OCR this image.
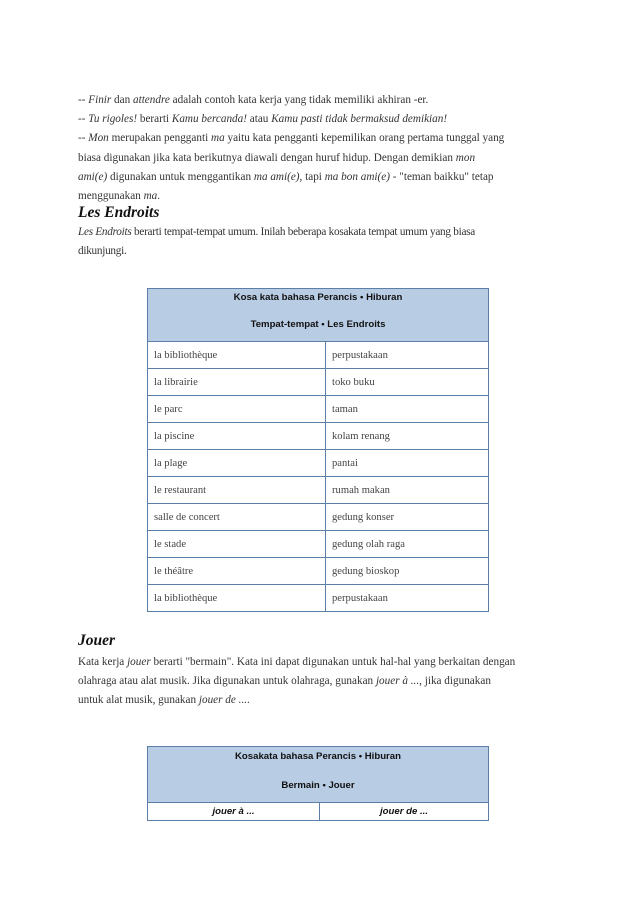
-- Finir dan attendre adalah contoh kata kerja yang tidak memiliki akhiran -er.
-- Tu rigoles! berarti Kamu bercanda! atau Kamu pasti tidak bermaksud demikian!
-- Mon merupakan pengganti ma yaitu kata pengganti kepemilikan orang pertama tunggal yang
biasa digunakan jika kata berikutnya diawali dengan huruf hidup. Dengan demikian mon
ami(e) digunakan untuk menggantikan ma ami(e), tapi ma bon ami(e) - "teman baikku" tetap
menggunakan ma.
Les Endroits
Les Endroits berarti tempat-tempat umum. Inilah beberapa kosakata tempat umum yang biasa
dikunjungi.
Kosa kata bahasa Perancis • Hiburan
Tempat-tempat • Les Endroits	

la bibliothèque	perpustakaan
la librairie	toko buku
le parc	taman
la piscine	kolam renang
la plage	pantai
le restaurant	rumah makan
salle de concert	gedung konser
le stade	gedung olah raga
le théâtre	gedung bioskop
la bibliothèque	perpustakaan
Jouer
Kata kerja jouer berarti "bermain". Kata ini dapat digunakan untuk hal-hal yang berkaitan dengan
olahraga atau alat musik. Jika digunakan untuk olahraga, gunakan jouer à ..., jika digunakan
untuk alat musik, gunakan jouer de ....
Kosakata bahasa Perancis • Hiburan
Bermain • Jouer

jouer à ...	jouer de ...
